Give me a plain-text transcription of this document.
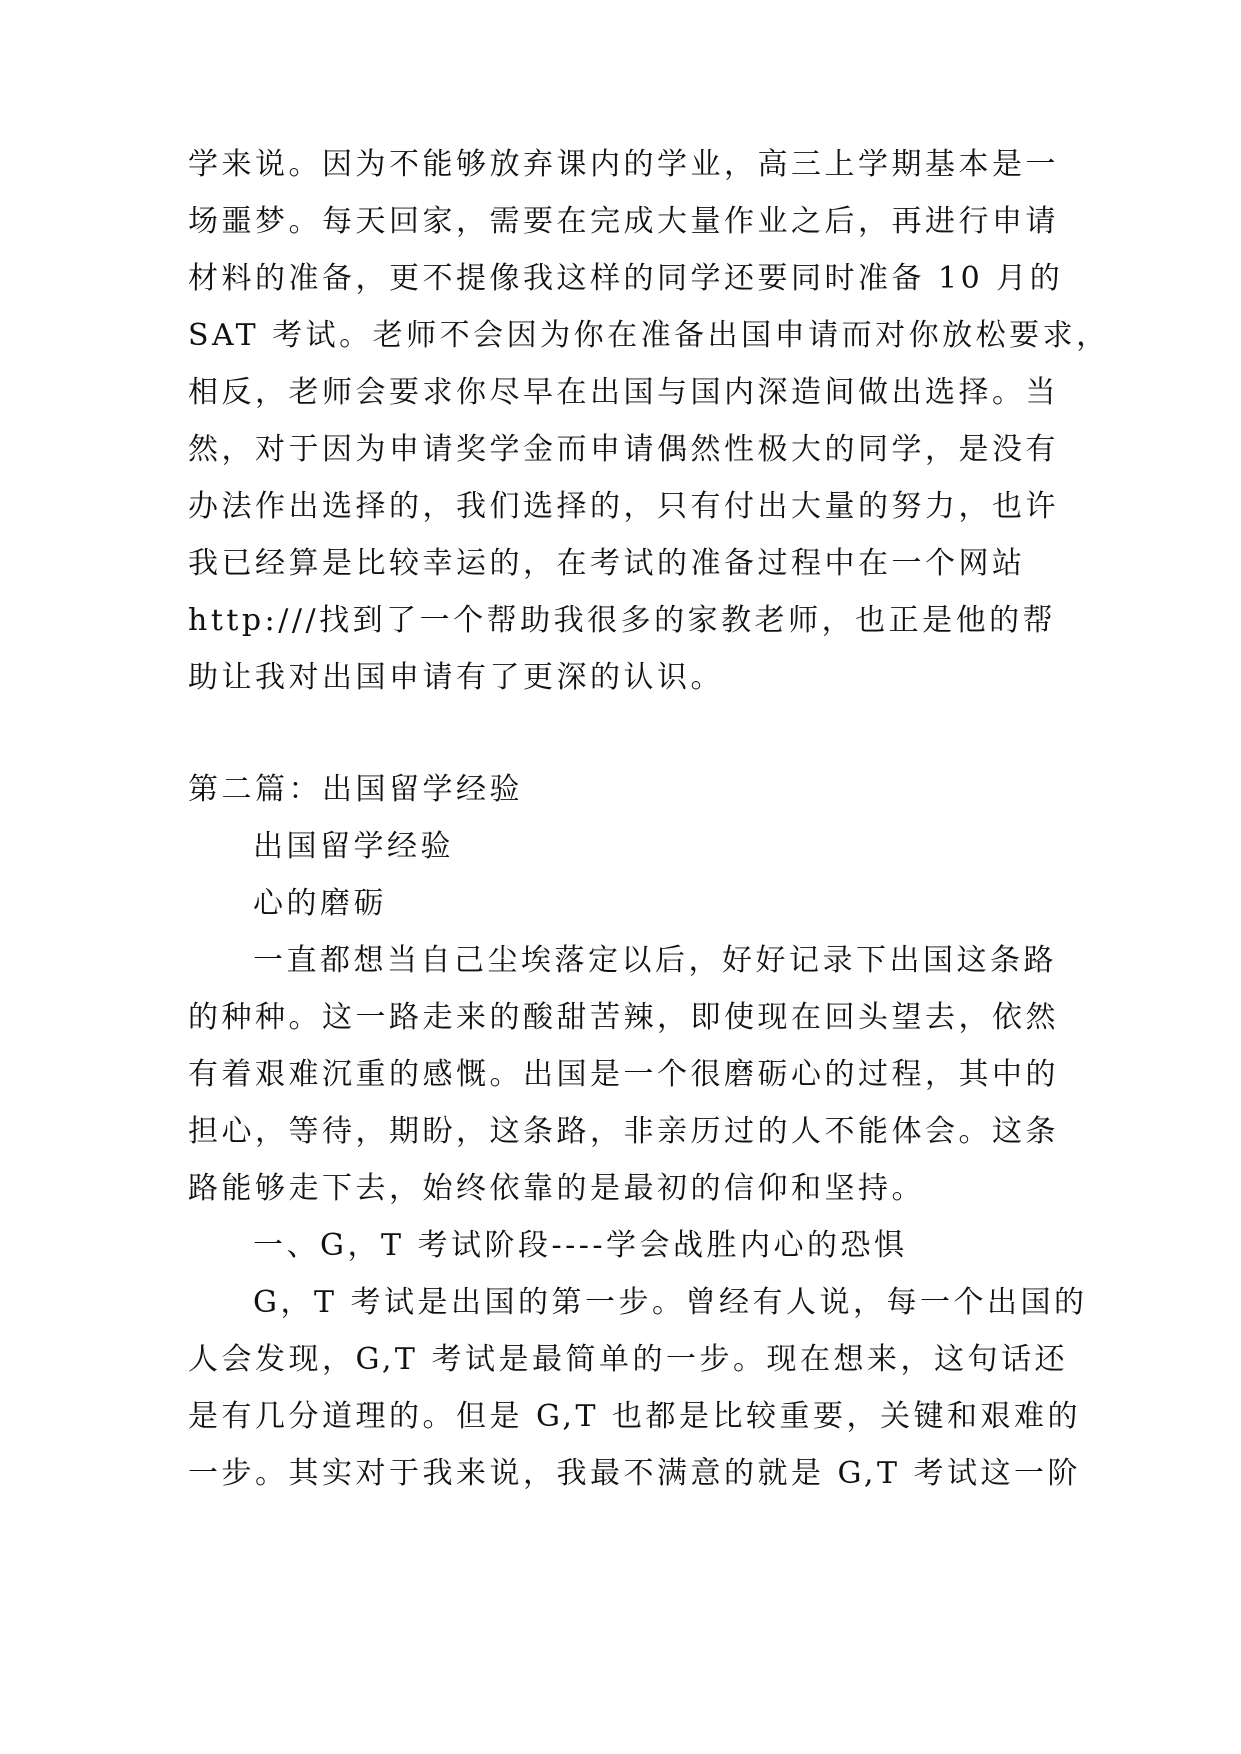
学来说。因为不能够放弃课内的学业，高三上学期基本是一
场噩梦。每天回家，需要在完成大量作业之后，再进行申请
材料的准备，更不提像我这样的同学还要同时准备 10 月的
SAT 考试。老师不会因为你在准备出国申请而对你放松要求，
相反，老师会要求你尽早在出国与国内深造间做出选择。当
然，对于因为申请奖学金而申请偶然性极大的同学，是没有
办法作出选择的，我们选择的，只有付出大量的努力，也许
我已经算是比较幸运的，在考试的准备过程中在一个网站
http:///找到了一个帮助我很多的家教老师，也正是他的帮
助让我对出国申请有了更深的认识。
第二篇：出国留学经验
出国留学经验
心的磨砺
一直都想当自己尘埃落定以后，好好记录下出国这条路
的种种。这一路走来的酸甜苦辣，即使现在回头望去，依然
有着艰难沉重的感慨。出国是一个很磨砺心的过程，其中的
担心，等待，期盼，这条路，非亲历过的人不能体会。这条
路能够走下去，始终依靠的是最初的信仰和坚持。
一、G，T 考试阶段----学会战胜内心的恐惧
G，T 考试是出国的第一步。曾经有人说，每一个出国的
人会发现，G,T 考试是最简单的一步。现在想来，这句话还
是有几分道理的。但是 G,T 也都是比较重要，关键和艰难的
一步。其实对于我来说，我最不满意的就是 G,T 考试这一阶
